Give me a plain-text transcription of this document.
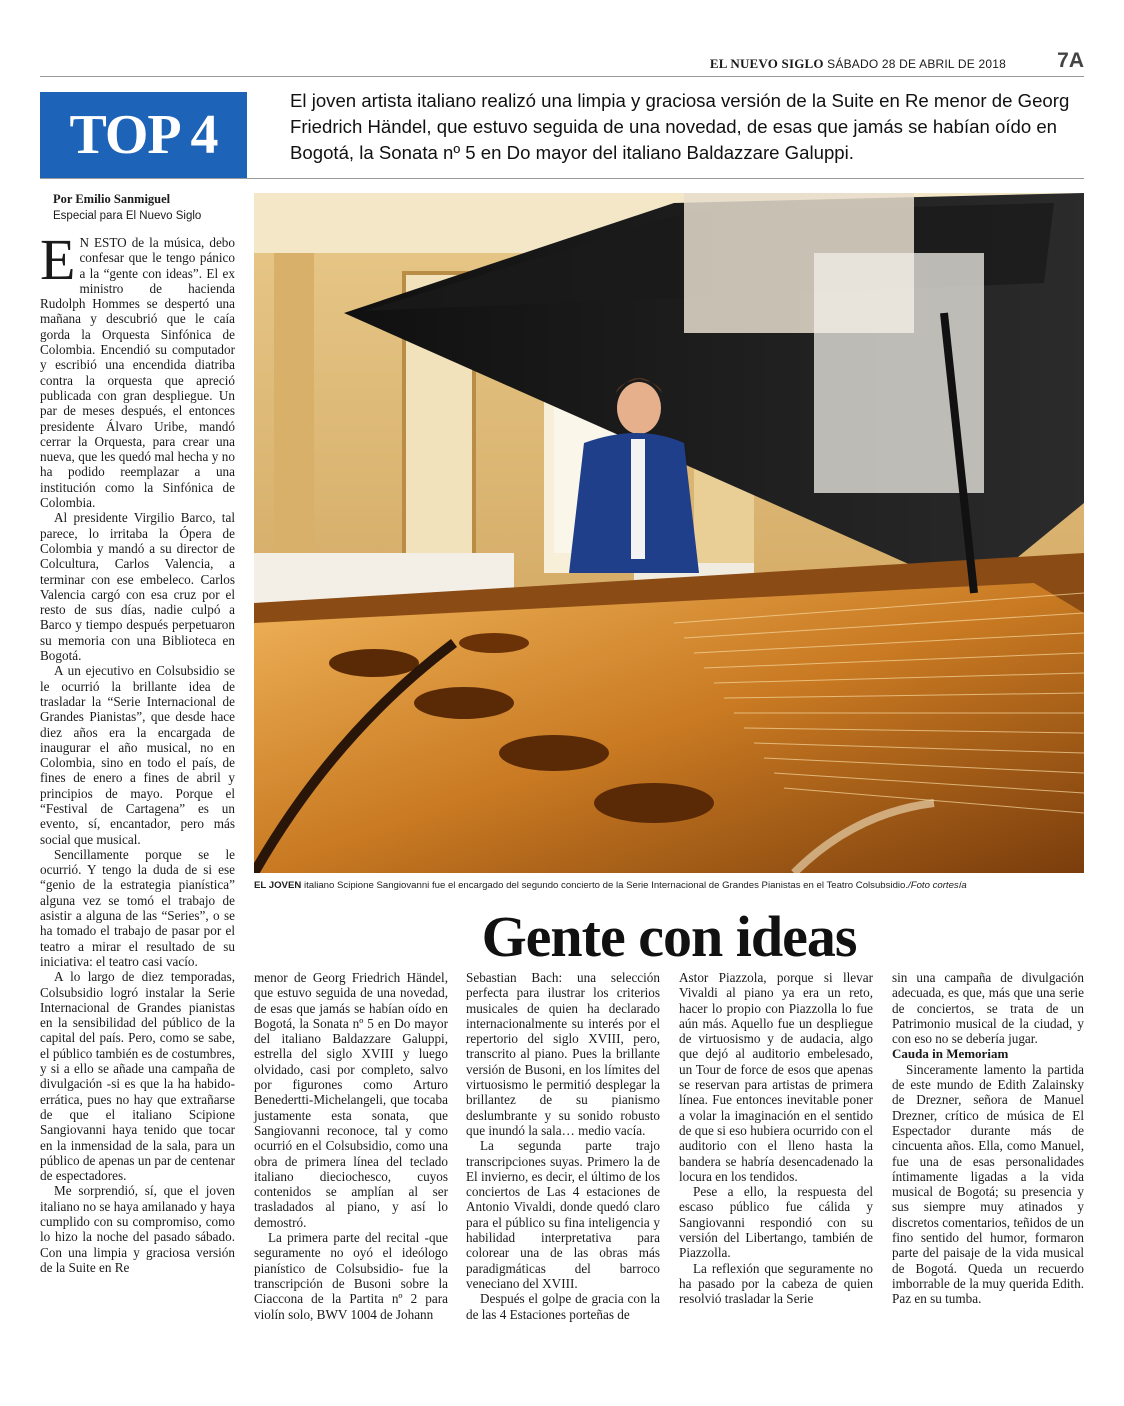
EL NUEVO SIGLO SÁBADO 28 DE ABRIL DE 2018 7A
TOP 4
El joven artista italiano realizó una limpia y graciosa versión de la Suite en Re menor de Georg Friedrich Händel, que estuvo seguida de una novedad, de esas que jamás se habían oído en Bogotá, la Sonata nº 5 en Do mayor del italiano Baldazzare Galuppi.
Por Emilio Sanmiguel
Especial para El Nuevo Siglo

E N ESTO de la música, debo confesar que le tengo pánico a la “gente con ideas”. El ex ministro de hacienda Rudolph Hommes se despertó una mañana y descubrió que le caía gorda la Orquesta Sinfónica de Colombia. Encendió su computador y escribió una encendida diatriba contra la orquesta que apreció publicada con gran despliegue. Un par de meses después, el entonces presidente Álvaro Uribe, mandó cerrar la Orquesta, para crear una nueva, que les quedó mal hecha y no ha podido reemplazar a una institución como la Sinfónica de Colombia.

Al presidente Virgilio Barco, tal parece, lo irritaba la Ópera de Colombia y mandó a su director de Colcultura, Carlos Valencia, a terminar con ese embeleco. Carlos Valencia cargó con esa cruz por el resto de sus días, nadie culpó a Barco y tiempo después perpetuaron su memoria con una Biblioteca en Bogotá.

A un ejecutivo en Colsubsidio se le ocurrió la brillante idea de trasladar la “Serie Internacional de Grandes Pianistas”, que desde hace diez años era la encargada de inaugurar el año musical, no en Colombia, sino en todo el país, de fines de enero a fines de abril y principios de mayo. Porque el “Festival de Cartagena” es un evento, sí, encantador, pero más social que musical.

Sencillamente porque se le ocurrió. Y tengo la duda de si ese “genio de la estrategia pianística” alguna vez se tomó el trabajo de asistir a alguna de las “Series”, o se ha tomado el trabajo de pasar por el teatro a mirar el resultado de su iniciativa: el teatro casi vacío.

A lo largo de diez temporadas, Colsubsidio logró instalar la Serie Internacional de Grandes pianistas en la sensibilidad del público de la capital del país. Pero, como se sabe, el público también es de costumbres, y si a ello se añade una campaña de divulgación -si es que la ha habido- errática, pues no hay que extrañarse de que el italiano Scipione Sangiovanni haya tenido que tocar en la inmensidad de la sala, para un público de apenas un par de centenar de espectadores.

Me sorprendió, sí, que el joven italiano no se haya amilanado y haya cumplido con su compromiso, como lo hizo la noche del pasado sábado. Con una limpia y graciosa versión de la Suite en Re

EL JOVEN italiano Scipione Sangiovanni fue el encargado del segundo concierto de la Serie Internacional de Grandes Pianistas en el Teatro Colsubsidio./Foto cortesía
Gente con ideas

menor de Georg Friedrich Händel, que estuvo seguida de una novedad, de esas que jamás se habían oído en Bogotá, la Sonata nº 5 en Do mayor del italiano Baldazzare Galuppi, estrella del siglo XVIII y luego olvidado, casi por completo, salvo por figurones como Arturo Benedertti-Michelangeli, que tocaba justamente esta sonata, que Sangiovanni reconoce, tal y como ocurrió en el Colsubsidio, como una obra de primera línea del teclado italiano dieciochesco, cuyos contenidos se amplían al ser trasladados al piano, y así lo demostró.

La primera parte del recital -que seguramente no oyó el ideólogo pianístico de Colsubsidio- fue la transcripción de Busoni sobre la Ciaccona de la Partita nº 2 para violín solo, BWV 1004 de Johann

Sebastian Bach: una selección perfecta para ilustrar los criterios musicales de quien ha declarado internacionalmente su interés por el repertorio del siglo XVIII, pero, transcrito al piano. Pues la brillante versión de Busoni, en los límites del virtuosismo le permitió desplegar la brillantez de su pianismo deslumbrante y su sonido robusto que inundó la sala… medio vacía.

La segunda parte trajo transcripciones suyas. Primero la de El invierno, es decir, el último de los conciertos de Las 4 estaciones de Antonio Vivaldi, donde quedó claro para el público su fina inteligencia y habilidad interpretativa para colorear una de las obras más paradigmáticas del barroco veneciano del XVIII.

Después el golpe de gracia con la de las 4 Estaciones porteñas de

Astor Piazzola, porque si llevar Vivaldi al piano ya era un reto, hacer lo propio con Piazzolla lo fue aún más. Aquello fue un despliegue de virtuosismo y de audacia, algo que dejó al auditorio embelesado, un Tour de force de esos que apenas se reservan para artistas de primera línea. Fue entonces inevitable poner a volar la imaginación en el sentido de que si eso hubiera ocurrido con el auditorio con el lleno hasta la bandera se habría desencadenado la locura en los tendidos.

Pese a ello, la respuesta del escaso público fue cálida y Sangiovanni respondió con su versión del Libertango, también de Piazzolla.

La reflexión que seguramente no ha pasado por la cabeza de quien resolvió trasladar la Serie

sin una campaña de divulgación adecuada, es que, más que una serie de conciertos, se trata de un Patrimonio musical de la ciudad, y con eso no se debería jugar.

Cauda in Memoriam

Sinceramente lamento la partida de este mundo de Edith Zalainsky de Drezner, señora de Manuel Drezner, crítico de música de El Espectador durante más de cincuenta años. Ella, como Manuel, fue una de esas personalidades íntimamente ligadas a la vida musical de Bogotá; su presencia y sus siempre muy atinados y discretos comentarios, teñidos de un fino sentido del humor, formaron parte del paisaje de la vida musical de Bogotá. Queda un recuerdo imborrable de la muy querida Edith. Paz en su tumba.
